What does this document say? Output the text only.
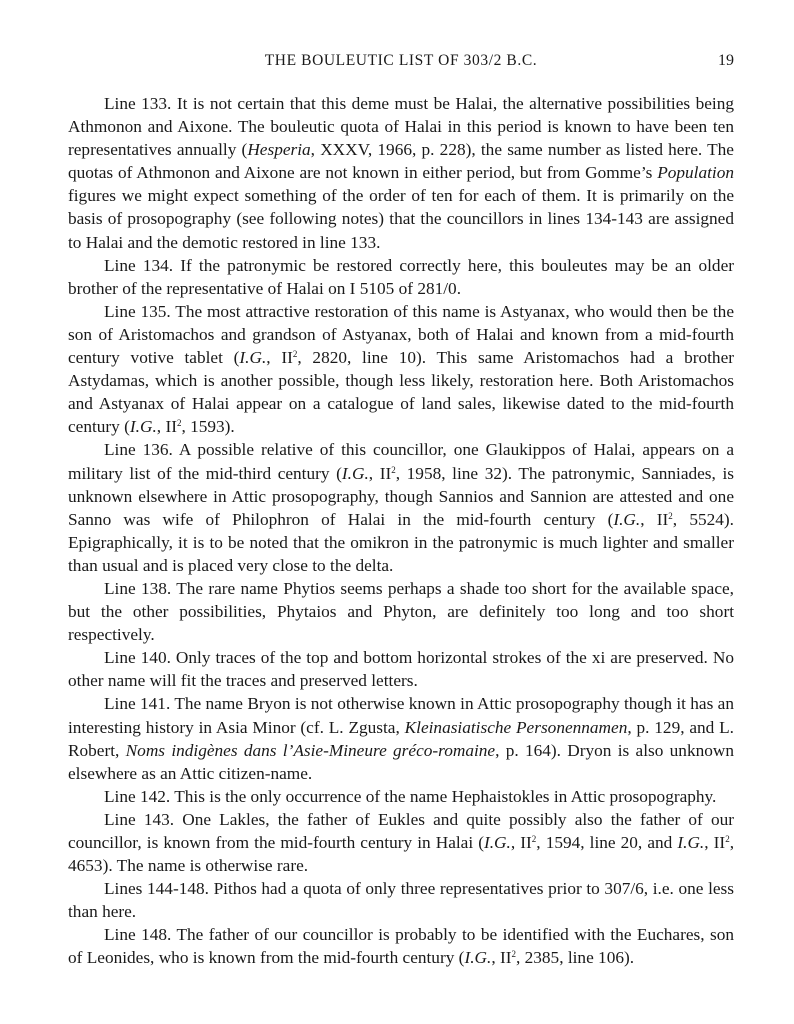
THE BOULEUTIC LIST OF 303/2 B.C.	19

Line 133. It is not certain that this deme must be Halai, the alternative possibilities being Athmonon and Aixone. The bouleutic quota of Halai in this period is known to have been ten representatives annually (Hesperia, XXXV, 1966, p. 228), the same number as listed here. The quotas of Athmonon and Aixone are not known in either period, but from Gomme’s Population figures we might expect something of the order of ten for each of them. It is primarily on the basis of prosopography (see following notes) that the councillors in lines 134-143 are assigned to Halai and the demotic restored in line 133.

Line 134. If the patronymic be restored correctly here, this bouleutes may be an older brother of the representative of Halai on I 5105 of 281/0.

Line 135. The most attractive restoration of this name is Astyanax, who would then be the son of Aristomachos and grandson of Astyanax, both of Halai and known from a mid-fourth century votive tablet (I.G., $II^2$, 2820, line 10). This same Aristomachos had a brother Astydamas, which is another possible, though less likely, restoration here. Both Aristomachos and Astyanax of Halai appear on a catalogue of land sales, likewise dated to the mid-fourth century (I.G., $II^2$, 1593).

Line 136. A possible relative of this councillor, one Glaukippos of Halai, appears on a military list of the mid-third century (I.G., $II^2$, 1958, line 32). The patronymic, Sanniades, is unknown elsewhere in Attic prosopography, though Sannios and Sannion are attested and one Sanno was wife of Philophron of Halai in the mid-fourth century (I.G., $II^2$, 5524). Epigraphically, it is to be noted that the omikron in the patronymic is much lighter and smaller than usual and is placed very close to the delta.

Line 138. The rare name Phytios seems perhaps a shade too short for the available space, but the other possibilities, Phytaios and Phyton, are definitely too long and too short respectively.

Line 140. Only traces of the top and bottom horizontal strokes of the xi are preserved. No other name will fit the traces and preserved letters.

Line 141. The name Bryon is not otherwise known in Attic prosopography though it has an interesting history in Asia Minor (cf. L. Zgusta, Kleinasiatische Personennamen, p. 129, and L. Robert, Noms indigènes dans l’Asie-Mineure gréco-romaine, p. 164). Dryon is also unknown elsewhere as an Attic citizen-name.

Line 142. This is the only occurrence of the name Hephaistokles in Attic prosopography.

Line 143. One Lakles, the father of Eukles and quite possibly also the father of our councillor, is known from the mid-fourth century in Halai (I.G., $II^2$, 1594, line 20, and I.G., $II^2$, 4653). The name is otherwise rare.

Lines 144-148. Pithos had a quota of only three representatives prior to 307/6, i.e. one less than here.

Line 148. The father of our councillor is probably to be identified with the Euchares, son of Leonides, who is known from the mid-fourth century (I.G., $II^2$, 2385, line 106).
